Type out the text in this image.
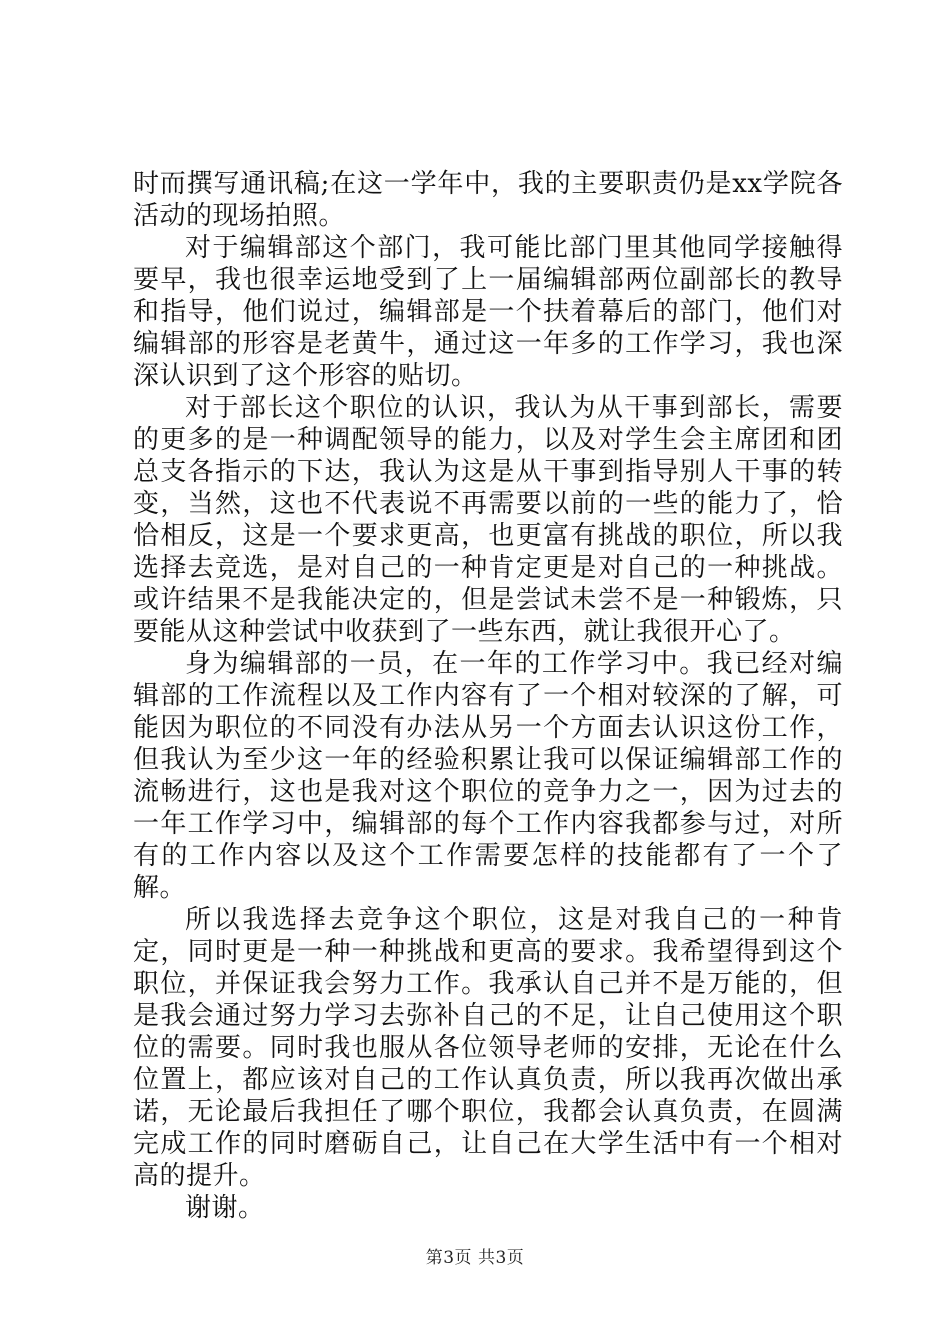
时而撰写通讯稿;在这一学年中，我的主要职责仍是xx学院各活动的现场拍照。

对于编辑部这个部门，我可能比部门里其他同学接触得要早，我也很幸运地受到了上一届编辑部两位副部长的教导和指导，他们说过，编辑部是一个扶着幕后的部门，他们对编辑部的形容是老黄牛，通过这一年多的工作学习，我也深深认识到了这个形容的贴切。

对于部长这个职位的认识，我认为从干事到部长，需要的更多的是一种调配领导的能力，以及对学生会主席团和团总支各指示的下达，我认为这是从干事到指导别人干事的转变，当然，这也不代表说不再需要以前的一些的能力了，恰恰相反，这是一个要求更高，也更富有挑战的职位，所以我选择去竞选，是对自己的一种肯定更是对自己的一种挑战。或许结果不是我能决定的，但是尝试未尝不是一种锻炼，只要能从这种尝试中收获到了一些东西，就让我很开心了。

身为编辑部的一员，在一年的工作学习中。我已经对编辑部的工作流程以及工作内容有了一个相对较深的了解，可能因为职位的不同没有办法从另一个方面去认识这份工作，但我认为至少这一年的经验积累让我可以保证编辑部工作的流畅进行，这也是我对这个职位的竞争力之一，因为过去的一年工作学习中，编辑部的每个工作内容我都参与过，对所有的工作内容以及这个工作需要怎样的技能都有了一个了解。

所以我选择去竞争这个职位，这是对我自己的一种肯定，同时更是一种一种挑战和更高的要求。我希望得到这个职位，并保证我会努力工作。我承认自己并不是万能的，但是我会通过努力学习去弥补自己的不足，让自己使用这个职位的需要。同时我也服从各位领导老师的安排，无论在什么位置上，都应该对自己的工作认真负责，所以我再次做出承诺，无论最后我担任了哪个职位，我都会认真负责，在圆满完成工作的同时磨砺自己，让自己在大学生活中有一个相对高的提升。

谢谢。

第3页 共3页
